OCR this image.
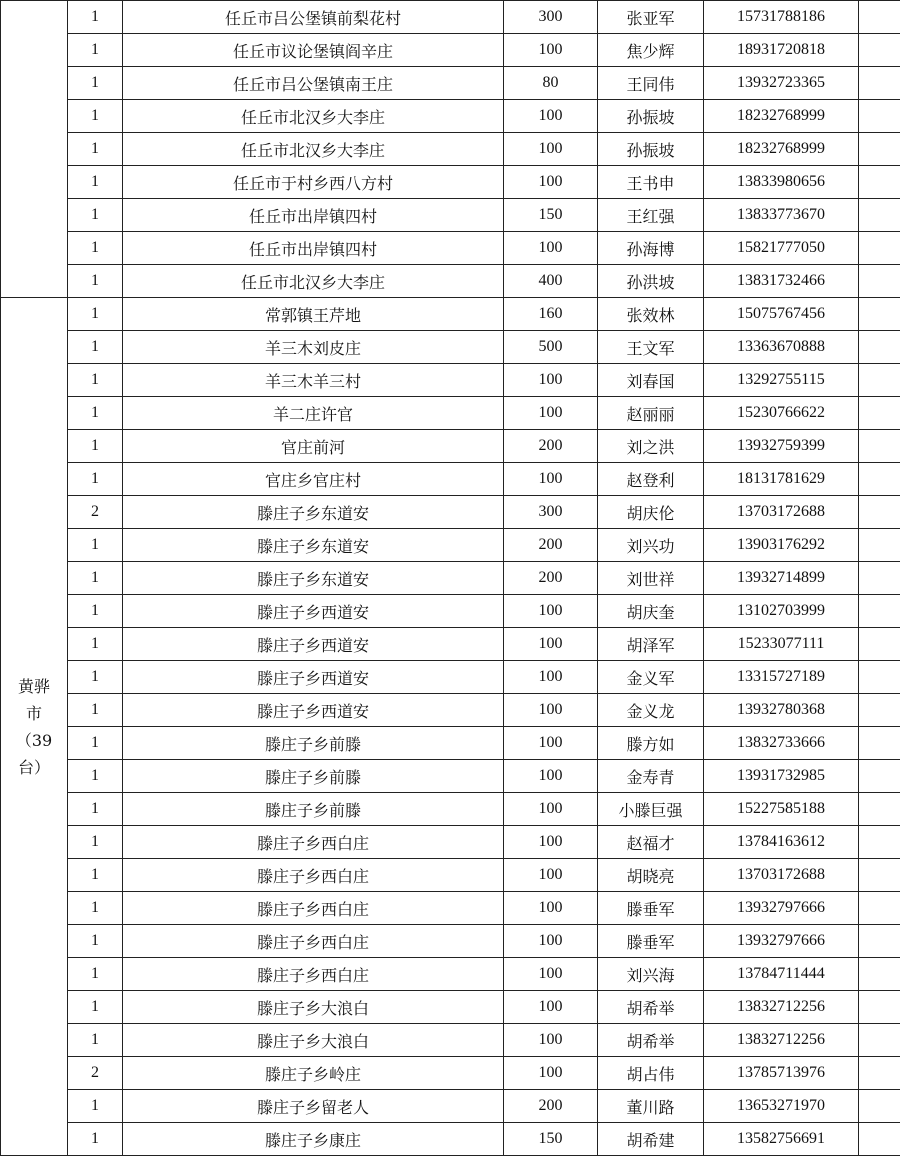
	1	任丘市吕公堡镇前梨花村	300	张亚军	15731788186	
	1	任丘市议论堡镇阎辛庄	100	焦少辉	18931720818	
	1	任丘市吕公堡镇南王庄	80	王同伟	13932723365	
	1	任丘市北汉乡大李庄	100	孙振坡	18232768999	
	1	任丘市北汉乡大李庄	100	孙振坡	18232768999	
	1	任丘市于村乡西八方村	100	王书申	13833980656	
	1	任丘市出岸镇四村	150	王红强	13833773670	
	1	任丘市出岸镇四村	100	孙海博	15821777050	
	1	任丘市北汉乡大李庄	400	孙洪坡	13831732466	

黄骅
市
（39
台）	1	常郭镇王芹地	160	张效林	15075767456	
	1	羊三木刘皮庄	500	王文军	13363670888	
	1	羊三木羊三村	100	刘春国	13292755115	
	1	羊二庄许官	100	赵丽丽	15230766622	
	1	官庄前河	200	刘之洪	13932759399	
	1	官庄乡官庄村	100	赵登利	18131781629	
	2	滕庄子乡东道安	300	胡庆伦	13703172688	
	1	滕庄子乡东道安	200	刘兴功	13903176292	
	1	滕庄子乡东道安	200	刘世祥	13932714899	
	1	滕庄子乡西道安	100	胡庆奎	13102703999	
	1	滕庄子乡西道安	100	胡泽军	15233077111	
	1	滕庄子乡西道安	100	金义军	13315727189	
	1	滕庄子乡西道安	100	金义龙	13932780368	
	1	滕庄子乡前滕	100	滕方如	13832733666	
	1	滕庄子乡前滕	100	金寿青	13931732985	
	1	滕庄子乡前滕	100	小滕巨强	15227585188	
	1	滕庄子乡西白庄	100	赵福才	13784163612	
	1	滕庄子乡西白庄	100	胡晓亮	13703172688	
	1	滕庄子乡西白庄	100	滕垂军	13932797666	
	1	滕庄子乡西白庄	100	滕垂军	13932797666	
	1	滕庄子乡西白庄	100	刘兴海	13784711444	
	1	滕庄子乡大浪白	100	胡希举	13832712256	
	1	滕庄子乡大浪白	100	胡希举	13832712256	
	2	滕庄子乡岭庄	100	胡占伟	13785713976	
	1	滕庄子乡留老人	200	董川路	13653271970	
	1	滕庄子乡康庄	150	胡希建	13582756691	
